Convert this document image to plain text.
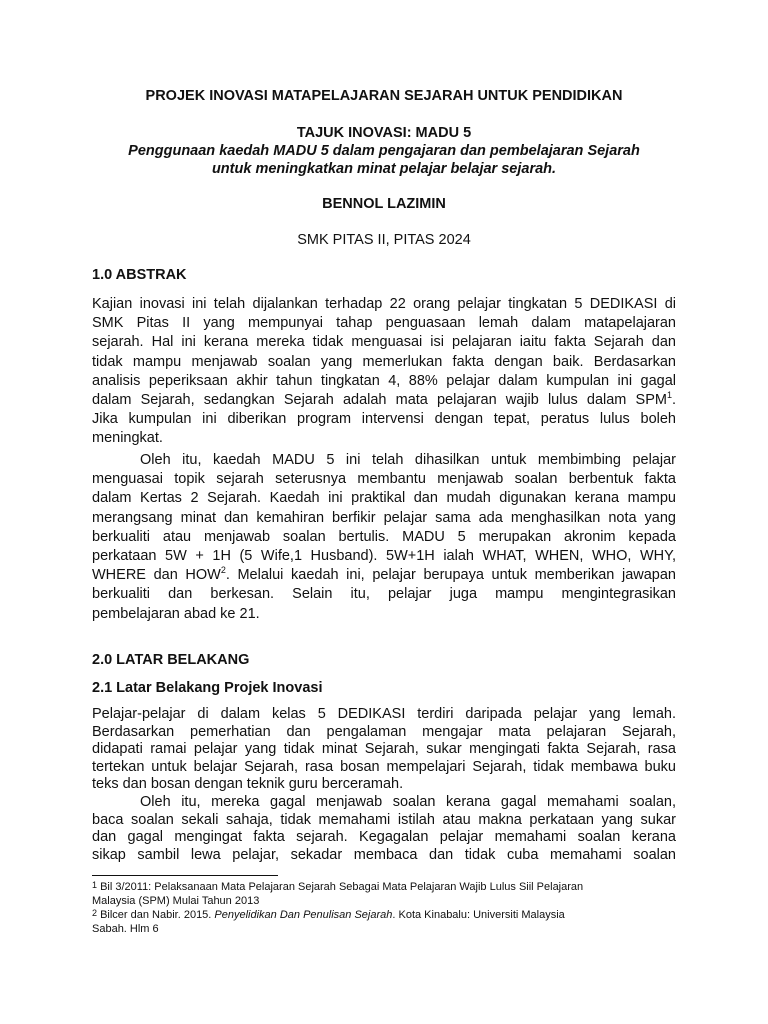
PROJEK INOVASI MATAPELAJARAN SEJARAH UNTUK PENDIDIKAN
TAJUK INOVASI: MADU 5
Penggunaan kaedah MADU 5 dalam pengajaran dan pembelajaran Sejarah
untuk meningkatkan minat pelajar belajar sejarah.
BENNOL LAZIMIN
SMK PITAS II, PITAS 2024
1.0 ABSTRAK
Kajian inovasi ini telah dijalankan terhadap 22 orang pelajar tingkatan 5 DEDIKASI di
SMK Pitas II yang mempunyai tahap penguasaan lemah dalam matapelajaran
sejarah. Hal ini kerana mereka tidak menguasai isi pelajaran iaitu fakta Sejarah dan
tidak mampu menjawab soalan yang memerlukan fakta dengan baik. Berdasarkan
analisis peperiksaan akhir tahun tingkatan 4, 88% pelajar dalam kumpulan ini gagal
dalam Sejarah, sedangkan Sejarah adalah mata pelajaran wajib lulus dalam SPM$^1$.
Jika kumpulan ini diberikan program intervensi dengan tepat, peratus lulus boleh
meningkat.
Oleh itu, kaedah MADU 5 ini telah dihasilkan untuk membimbing pelajar
menguasai topik sejarah seterusnya membantu menjawab soalan berbentuk fakta
dalam Kertas 2 Sejarah. Kaedah ini praktikal dan mudah digunakan kerana mampu
merangsang minat dan kemahiran berfikir pelajar sama ada menghasilkan nota yang
berkualiti atau menjawab soalan bertulis. MADU 5 merupakan akronim kepada
perkataan 5W + 1H (5 Wife,1 Husband). 5W+1H ialah WHAT, WHEN, WHO, WHY,
WHERE dan HOW$^2$. Melalui kaedah ini, pelajar berupaya untuk memberikan jawapan
berkualiti dan berkesan. Selain itu, pelajar juga mampu mengintegrasikan
pembelajaran abad ke 21.
2.0 LATAR BELAKANG
2.1 Latar Belakang Projek Inovasi
Pelajar-pelajar di dalam kelas 5 DEDIKASI terdiri daripada pelajar yang lemah.
Berdasarkan pemerhatian dan pengalaman mengajar mata pelajaran Sejarah,
didapati ramai pelajar yang tidak minat Sejarah, sukar mengingati fakta Sejarah, rasa
tertekan untuk belajar Sejarah, rasa bosan mempelajari Sejarah, tidak membawa buku
teks dan bosan dengan teknik guru berceramah.
Oleh itu, mereka gagal menjawab soalan kerana gagal memahami soalan,
baca soalan sekali sahaja, tidak memahami istilah atau makna perkataan yang sukar
dan gagal mengingat fakta sejarah. Kegagalan pelajar memahami soalan kerana
sikap sambil lewa pelajar, sekadar membaca dan tidak cuba memahami soalan
$^1$ Bil 3/2011: Pelaksanaan Mata Pelajaran Sejarah Sebagai Mata Pelajaran Wajib Lulus Siil Pelajaran
Malaysia (SPM) Mulai Tahun 2013
$^2$ Bilcer dan Nabir. 2015. Penyelidikan Dan Penulisan Sejarah. Kota Kinabalu: Universiti Malaysia
Sabah. Hlm 6
